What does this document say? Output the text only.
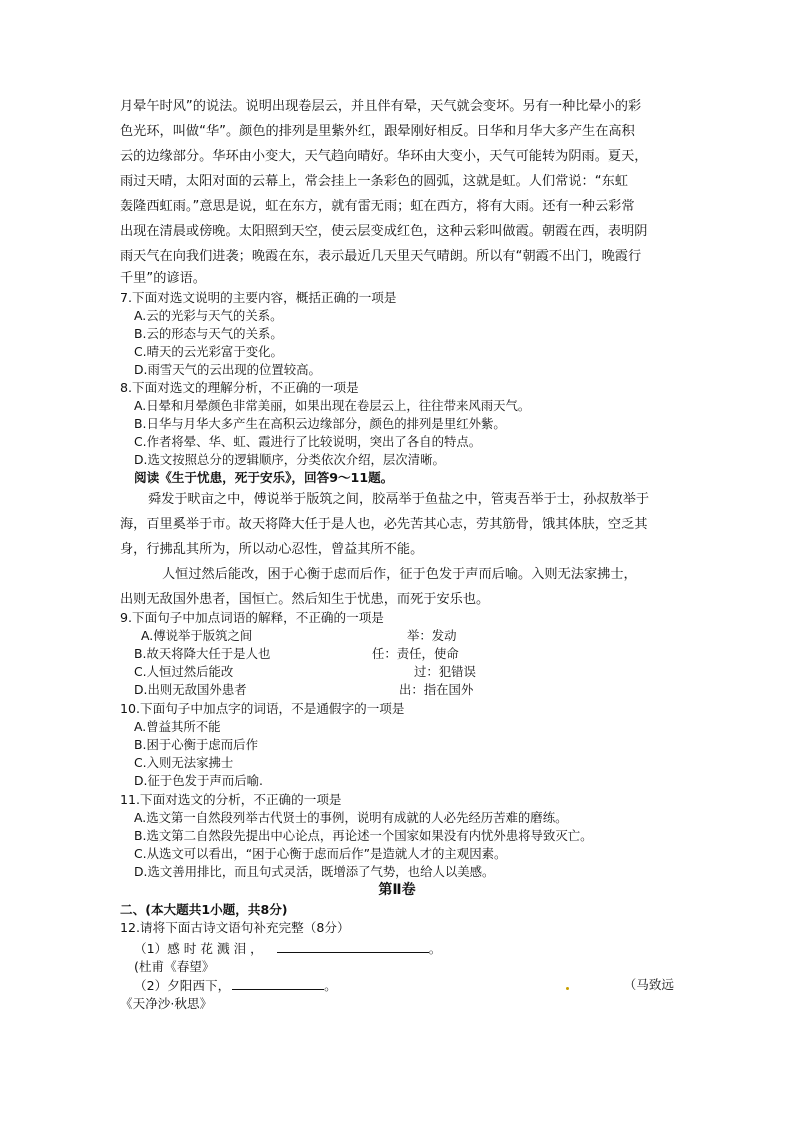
月晕午时风”的说法。说明出现卷层云，并且伴有晕，天气就会变坏。另有一种比晕小的彩
色光环，叫做“华”。颜色的排列是里紫外红，跟晕刚好相反。日华和月华大多产生在高积
云的边缘部分。华环由小变大，天气趋向晴好。华环由大变小，天气可能转为阴雨。夏天，
雨过天晴，太阳对面的云幕上，常会挂上一条彩色的圆弧，这就是虹。人们常说：“东虹
轰隆西虹雨。”意思是说，虹在东方，就有雷无雨；虹在西方，将有大雨。还有一种云彩常
出现在清晨或傍晚。太阳照到天空，使云层变成红色，这种云彩叫做霞。朝霞在西，表明阴
雨天气在向我们进袭；晚霞在东，表示最近几天里天气晴朗。所以有“朝霞不出门，晚霞行
千里”的谚语。
7.下面对选文说明的主要内容，概括正确的一项是
A.云的光彩与天气的关系。
B.云的形态与天气的关系。
C.晴天的云光彩富于变化。
D.雨雪天气的云出现的位置较高。
8.下面对选文的理解分析，不正确的一项是
A.日晕和月晕颜色非常美丽，如果出现在卷层云上，往往带来风雨天气。
B.日华与月华大多产生在高积云边缘部分，颜色的排列是里红外紫。
C.作者将晕、华、虹、霞进行了比较说明，突出了各自的特点。
D.选文按照总分的逻辑顺序，分类依次介绍，层次清晰。
阅读《生于忧患，死于安乐》，回答9～11题。
舜发于畎亩之中，傅说举于版筑之间，胶鬲举于鱼盐之中，管夷吾举于士，孙叔敖举于
海，百里奚举于市。故天将降大任于是人也，必先苦其心志，劳其筋骨，饿其体肤，空乏其
身，行拂乱其所为，所以动心忍性，曾益其所不能。
人恒过然后能改，困于心衡于虑而后作，征于色发于声而后喻。入则无法家拂士，
出则无敌国外患者，国恒亡。然后知生于忧患，而死于安乐也。
9.下面句子中加点词语的解释，不正确的一项是
A.傅说举于版筑之间	举：发动
B.故天将降大任于是人也	任：责任，使命
C.人恒过然后能改	过：犯错误
D.出则无敌国外患者	出：指在国外
10.下面句子中加点字的词语，不是通假字的一项是
A.曾益其所不能
B.困于心衡于虑而后作
C.入则无法家拂士
D.征于色发于声而后喻.
11.下面对选文的分析，不正确的一项是
A.选文第一自然段列举古代贤士的事例，说明有成就的人必先经历苦难的磨练。
B.选文第二自然段先提出中心论点，再论述一个国家如果没有内忧外患将导致灭亡。
C.从选文可以看出，“困于心衡于虑而后作”是造就人才的主观因素。
D.选文善用排比，而且句式灵活，既增添了气势，也给人以美感。
第Ⅱ卷
二、(本大题共1小题，共8分)
12.请将下面古诗文语句补充完整（8分）
（1）感 时 花 溅 泪 ，	。
(杜甫《春望》
（2）夕阳西下，	。	（马致远
《天净沙·秋思》
